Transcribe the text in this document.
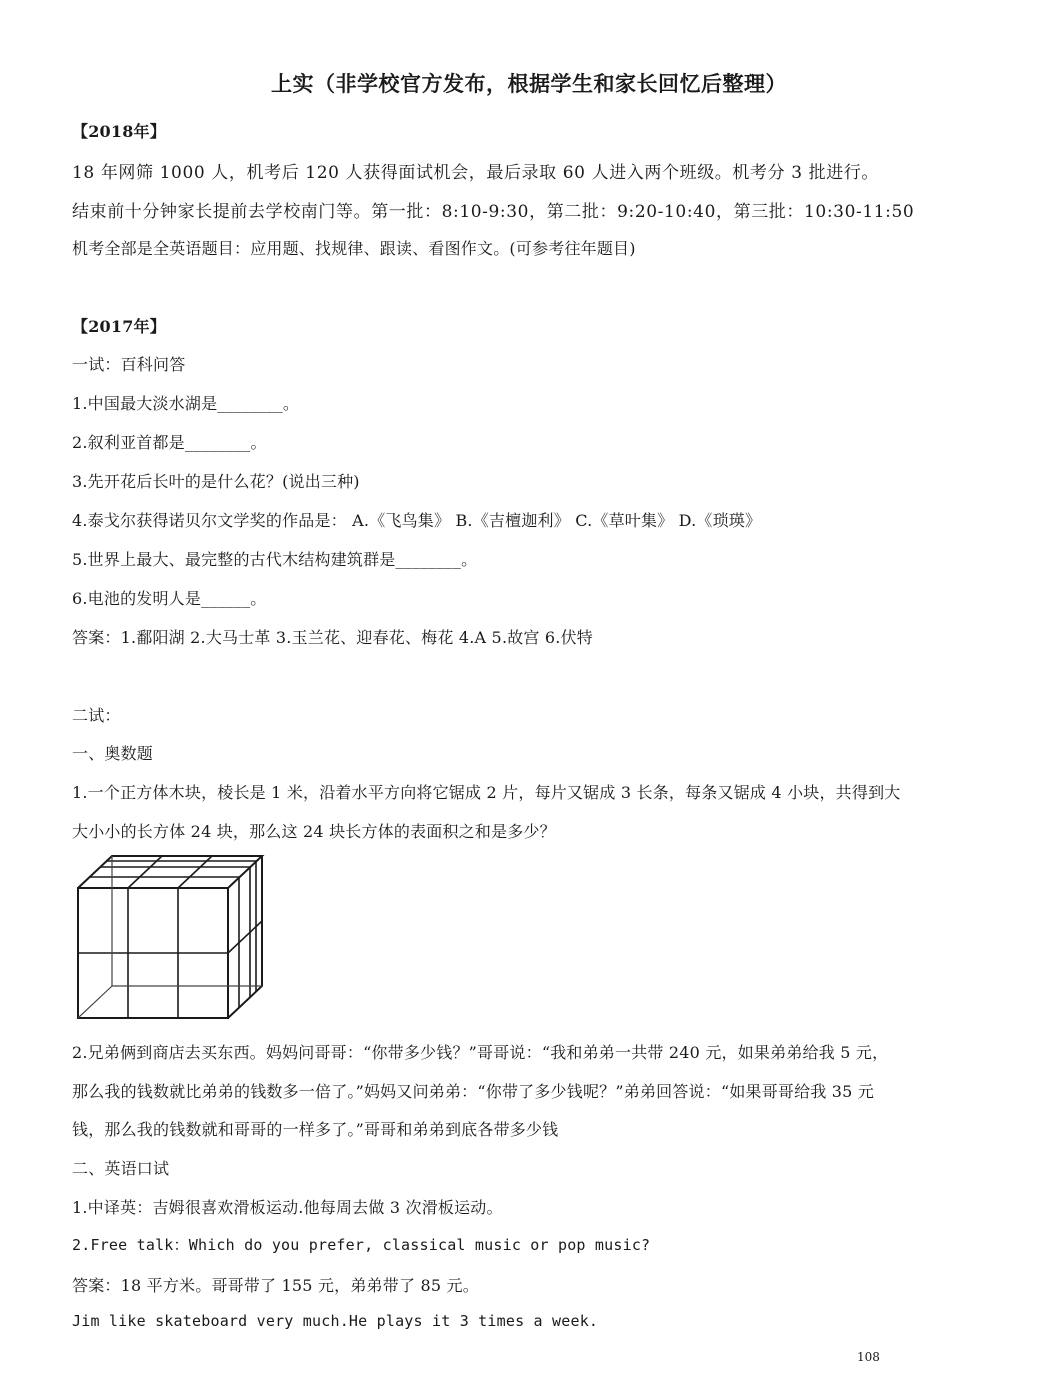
上实（非学校官方发布，根据学生和家长回忆后整理）
【2018年】
18 年网筛 1000 人，机考后 120 人获得面试机会，最后录取 60 人进入两个班级。机考分 3 批进行。
结束前十分钟家长提前去学校南门等。第一批：8:10-9:30，第二批：9:20-10:40，第三批：10:30-11:50
机考全部是全英语题目：应用题、找规律、跟读、看图作文。(可参考往年题目)
【2017年】
一试：百科问答
1.中国最大淡水湖是________。
2.叙利亚首都是________。
3.先开花后长叶的是什么花？(说出三种)
4.泰戈尔获得诺贝尔文学奖的作品是： A.《飞鸟集》 B.《吉檀迦利》 C.《草叶集》 D.《琐瑛》
5.世界上最大、最完整的古代木结构建筑群是________。
6.电池的发明人是______。
答案：1.鄱阳湖 2.大马士革 3.玉兰花、迎春花、梅花 4.A 5.故宫 6.伏特
二试：
一、奥数题
1.一个正方体木块，棱长是 1 米，沿着水平方向将它锯成 2 片，每片又锯成 3 长条，每条又锯成 4 小块，共得到大
大小小的长方体 24 块，那么这 24 块长方体的表面积之和是多少？
2.兄弟俩到商店去买东西。妈妈问哥哥：“你带多少钱？”哥哥说：“我和弟弟一共带 240 元，如果弟弟给我 5 元，
那么我的钱数就比弟弟的钱数多一倍了。”妈妈又问弟弟：“你带了多少钱呢？”弟弟回答说：“如果哥哥给我 35 元
钱，那么我的钱数就和哥哥的一样多了。”哥哥和弟弟到底各带多少钱
二、英语口试
1.中译英：吉姆很喜欢滑板运动.他每周去做 3 次滑板运动。
2.Free talk：Which do you prefer, classical music or pop music?
答案：18 平方米。哥哥带了 155 元，弟弟带了 85 元。
Jim like skateboard very much.He plays it 3 times a week.
108
